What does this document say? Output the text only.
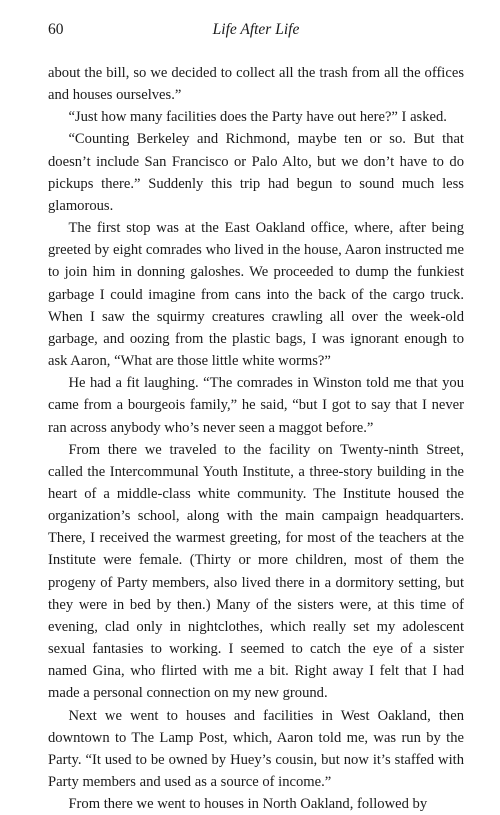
60	Life After Life

about the bill, so we decided to collect all the trash from all the offices and houses ourselves.”

“Just how many facilities does the Party have out here?” I asked.

“Counting Berkeley and Richmond, maybe ten or so. But that doesn’t include San Francisco or Palo Alto, but we don’t have to do pickups there.” Suddenly this trip had begun to sound much less glamorous.

The first stop was at the East Oakland office, where, after being greeted by eight comrades who lived in the house, Aaron instructed me to join him in donning galoshes. We proceeded to dump the funkiest garbage I could imagine from cans into the back of the cargo truck. When I saw the squirmy creatures crawling all over the week-old garbage, and oozing from the plastic bags, I was ignorant enough to ask Aaron, “What are those little white worms?”

He had a fit laughing. “The comrades in Winston told me that you came from a bourgeois family,” he said, “but I got to say that I never ran across anybody who’s never seen a maggot before.”

From there we traveled to the facility on Twenty-ninth Street, called the Intercommunal Youth Institute, a three-story building in the heart of a middle-class white community. The Institute housed the organization’s school, along with the main campaign headquarters. There, I received the warmest greeting, for most of the teachers at the Institute were female. (Thirty or more children, most of them the progeny of Party members, also lived there in a dormitory setting, but they were in bed by then.) Many of the sisters were, at this time of evening, clad only in nightclothes, which really set my adolescent sexual fantasies to working. I seemed to catch the eye of a sister named Gina, who flirted with me a bit. Right away I felt that I had made a personal connection on my new ground.

Next we went to houses and facilities in West Oakland, then downtown to The Lamp Post, which, Aaron told me, was run by the Party. “It used to be owned by Huey’s cousin, but now it’s staffed with Party members and used as a source of income.”

From there we went to houses in North Oakland, followed by
